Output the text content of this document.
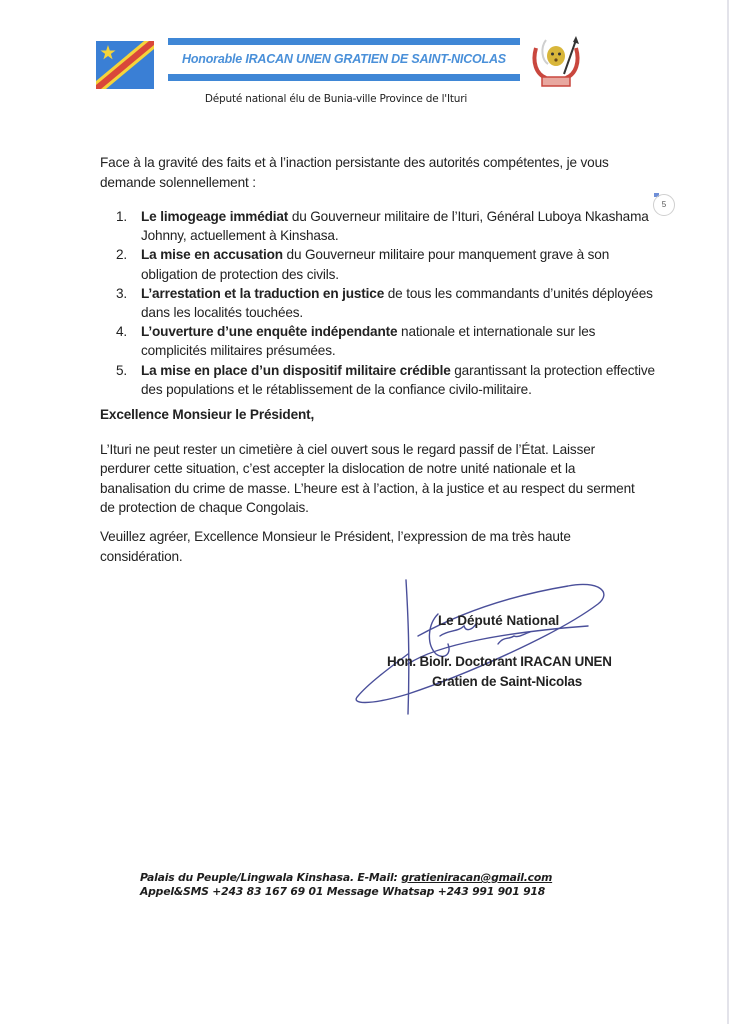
Honorable IRACAN UNEN GRATIEN DE SAINT-NICOLAS
Député national élu de Bunia-ville Province de l'Ituri
5
Face à la gravité des faits et à l’inaction persistante des autorités compétentes, je vous demande solennellement :
1. Le limogeage immédiat du Gouverneur militaire de l’Ituri, Général Luboya Nkashama Johnny, actuellement à Kinshasa.
2. La mise en accusation du Gouverneur militaire pour manquement grave à son obligation de protection des civils.
3. L’arrestation et la traduction en justice de tous les commandants d’unités déployées dans les localités touchées.
4. L’ouverture d’une enquête indépendante nationale et internationale sur les complicités militaires présumées.
5. La mise en place d’un dispositif militaire crédible garantissant la protection effective des populations et le rétablissement de la confiance civilo-militaire.
Excellence Monsieur le Président,
L’Ituri ne peut rester un cimetière à ciel ouvert sous le regard passif de l’État. Laisser perdurer cette situation, c’est accepter la dislocation de notre unité nationale et la banalisation du crime de masse. L’heure est à l’action, à la justice et au respect du serment de protection de chaque Congolais.
Veuillez agréer, Excellence Monsieur le Président, l’expression de ma très haute considération.
Le Député National
Hon. Biolr. Doctorant IRACAN UNEN
Gratien de Saint-Nicolas
Palais du Peuple/Lingwala Kinshasa. E-Mail: gratieniracan@gmail.com
Appel&SMS +243 83 167 69 01 Message Whatsap +243 991 901 918
